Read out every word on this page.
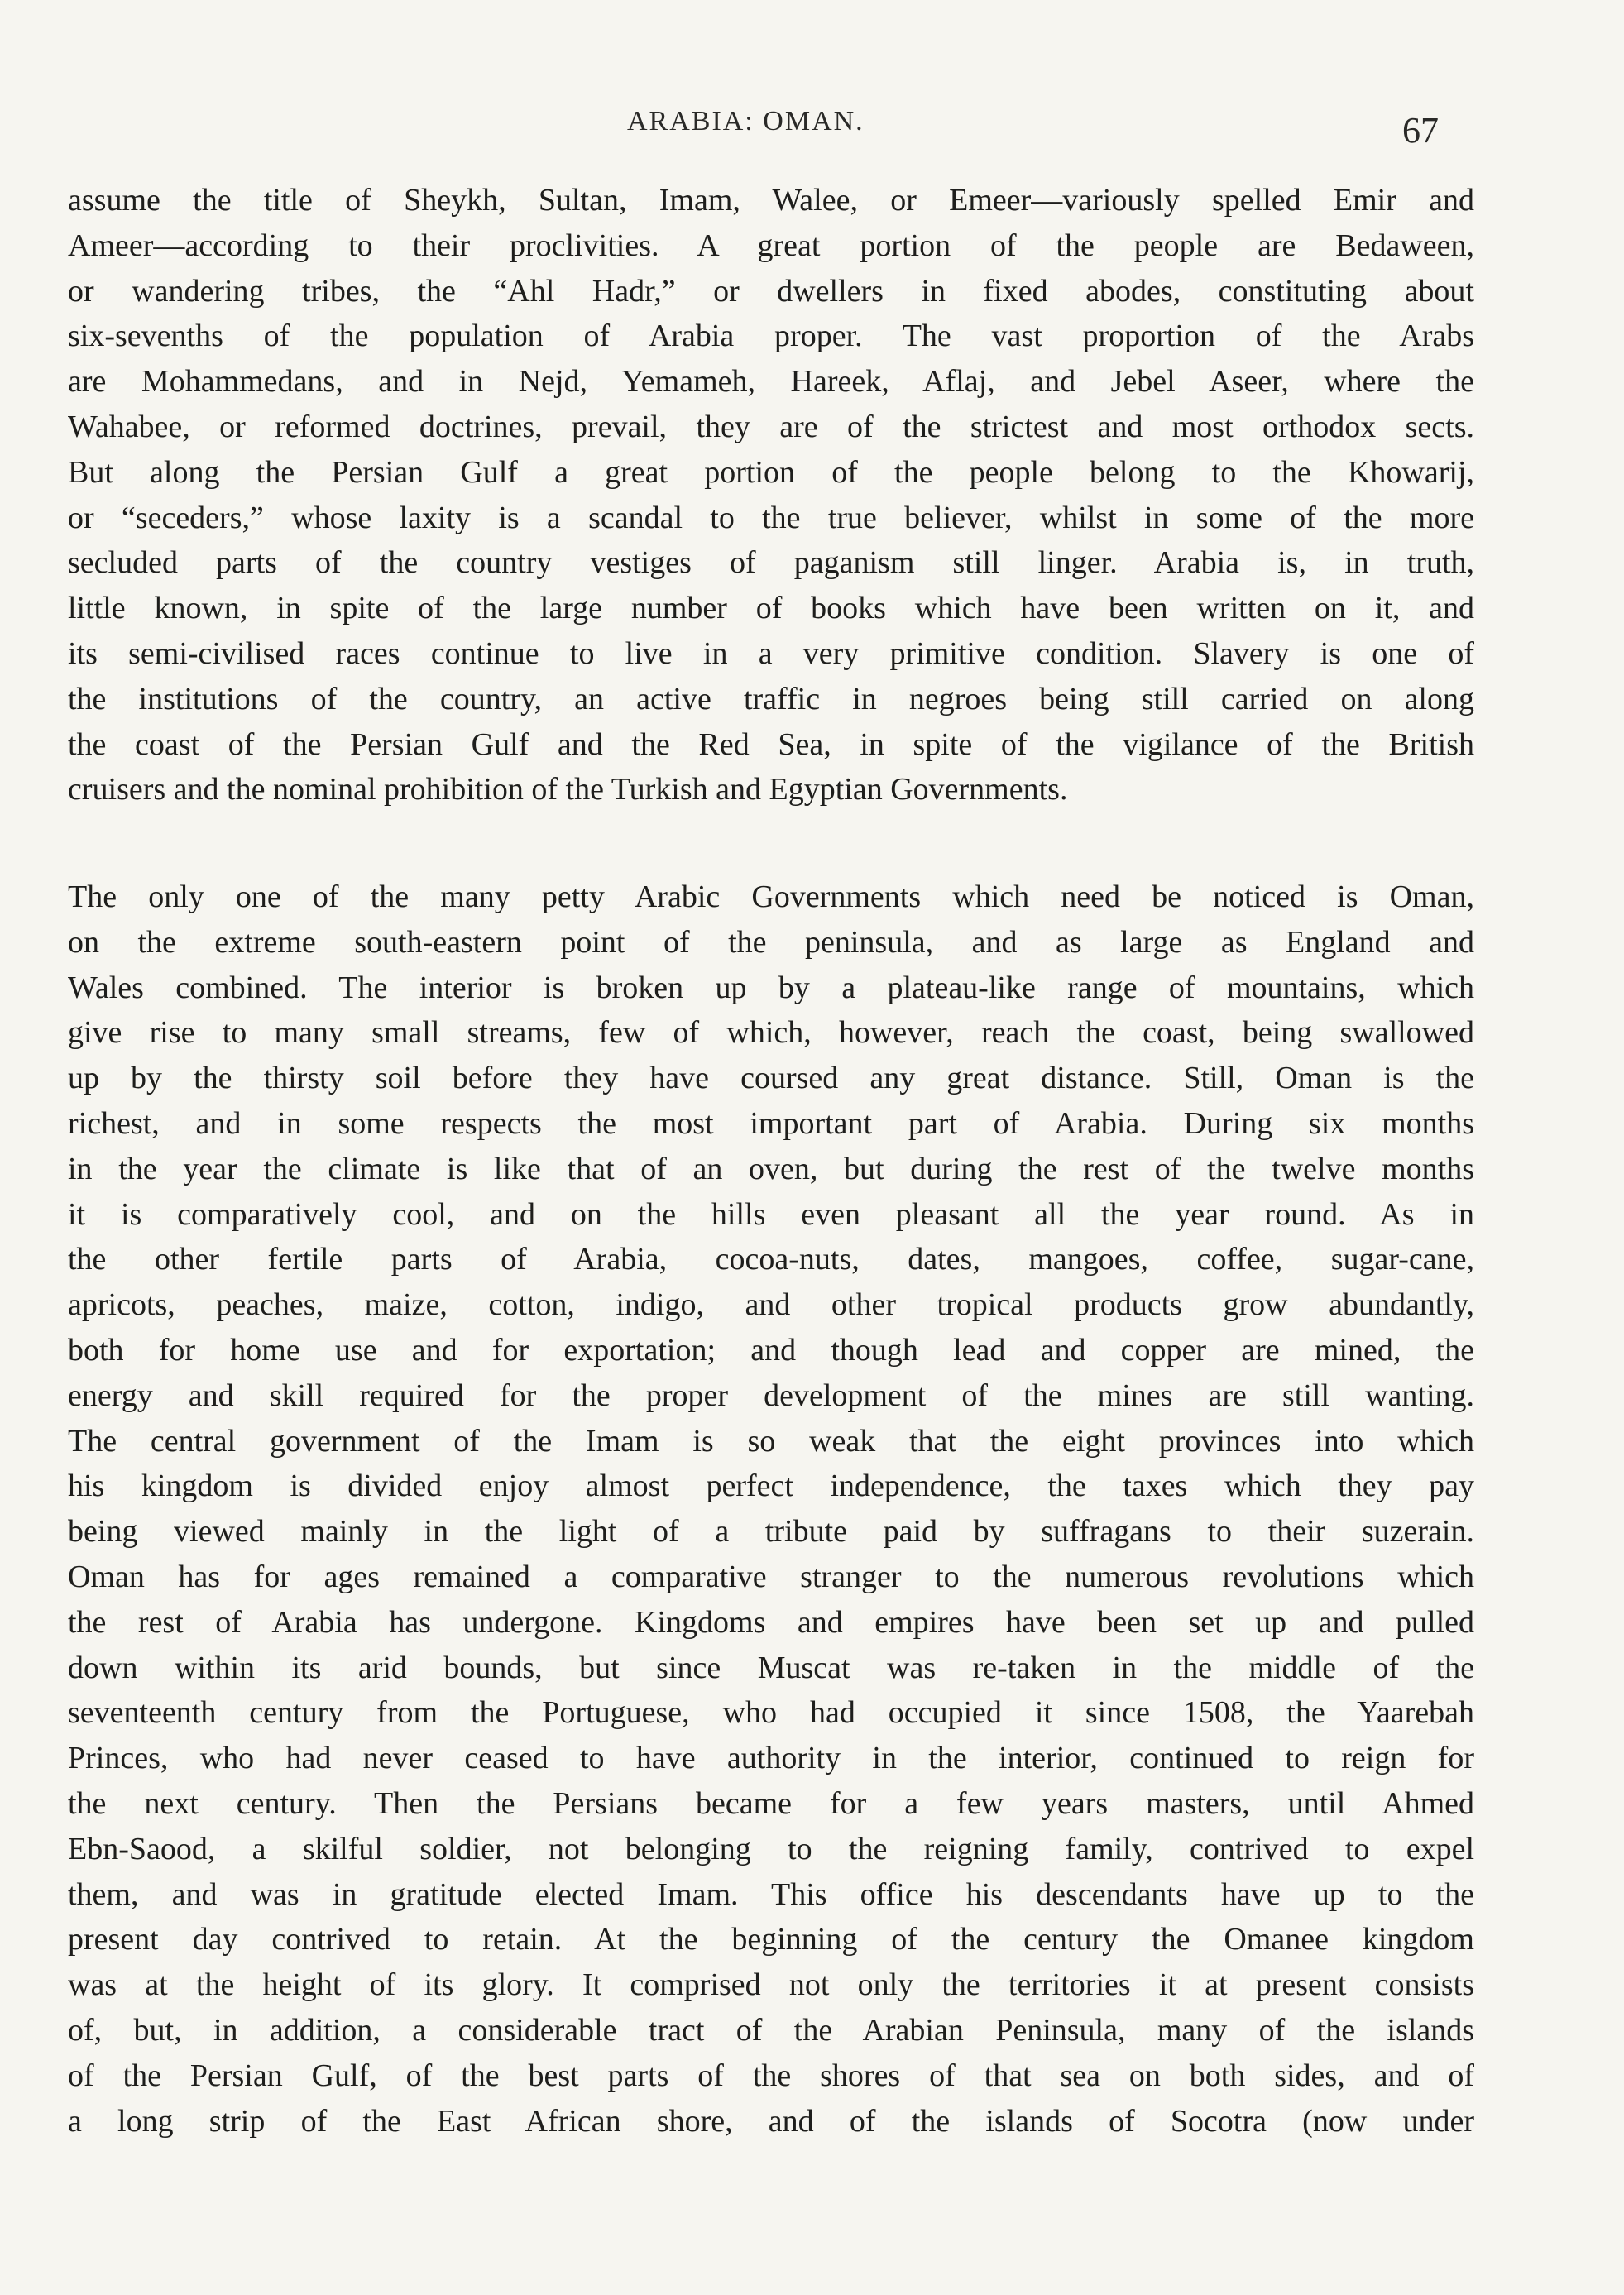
ARABIA: OMAN.	67
assume the title of Sheykh, Sultan, Imam, Walee, or Emeer—variously spelled Emir and
Ameer—according to their proclivities. A great portion of the people are Bedaween,
or wandering tribes, the “Ahl Hadr,” or dwellers in fixed abodes, constituting about
six-sevenths of the population of Arabia proper. The vast proportion of the Arabs
are Mohammedans, and in Nejd, Yemameh, Hareek, Aflaj, and Jebel Aseer, where the
Wahabee, or reformed doctrines, prevail, they are of the strictest and most orthodox sects.
But along the Persian Gulf a great portion of the people belong to the Khowarij,
or “seceders,” whose laxity is a scandal to the true believer, whilst in some of the more
secluded parts of the country vestiges of paganism still linger. Arabia is, in truth,
little known, in spite of the large number of books which have been written on it, and
its semi-civilised races continue to live in a very primitive condition. Slavery is one of
the institutions of the country, an active traffic in negroes being still carried on along
the coast of the Persian Gulf and the Red Sea, in spite of the vigilance of the British
cruisers and the nominal prohibition of the Turkish and Egyptian Governments.
The only one of the many petty Arabic Governments which need be noticed is Oman,
on the extreme south-eastern point of the peninsula, and as large as England and
Wales combined. The interior is broken up by a plateau-like range of mountains, which
give rise to many small streams, few of which, however, reach the coast, being swallowed
up by the thirsty soil before they have coursed any great distance. Still, Oman is the
richest, and in some respects the most important part of Arabia. During six months
in the year the climate is like that of an oven, but during the rest of the twelve months
it is comparatively cool, and on the hills even pleasant all the year round. As in
the other fertile parts of Arabia, cocoa-nuts, dates, mangoes, coffee, sugar-cane,
apricots, peaches, maize, cotton, indigo, and other tropical products grow abundantly,
both for home use and for exportation; and though lead and copper are mined, the
energy and skill required for the proper development of the mines are still wanting.
The central government of the Imam is so weak that the eight provinces into which
his kingdom is divided enjoy almost perfect independence, the taxes which they pay
being viewed mainly in the light of a tribute paid by suffragans to their suzerain.
Oman has for ages remained a comparative stranger to the numerous revolutions which
the rest of Arabia has undergone. Kingdoms and empires have been set up and pulled
down within its arid bounds, but since Muscat was re-taken in the middle of the
seventeenth century from the Portuguese, who had occupied it since 1508, the Yaarebah
Princes, who had never ceased to have authority in the interior, continued to reign for
the next century. Then the Persians became for a few years masters, until Ahmed
Ebn-Saood, a skilful soldier, not belonging to the reigning family, contrived to expel
them, and was in gratitude elected Imam. This office his descendants have up to the
present day contrived to retain. At the beginning of the century the Omanee kingdom
was at the height of its glory. It comprised not only the territories it at present consists
of, but, in addition, a considerable tract of the Arabian Peninsula, many of the islands
of the Persian Gulf, of the best parts of the shores of that sea on both sides, and of
a long strip of the East African shore, and of the islands of Socotra (now under
